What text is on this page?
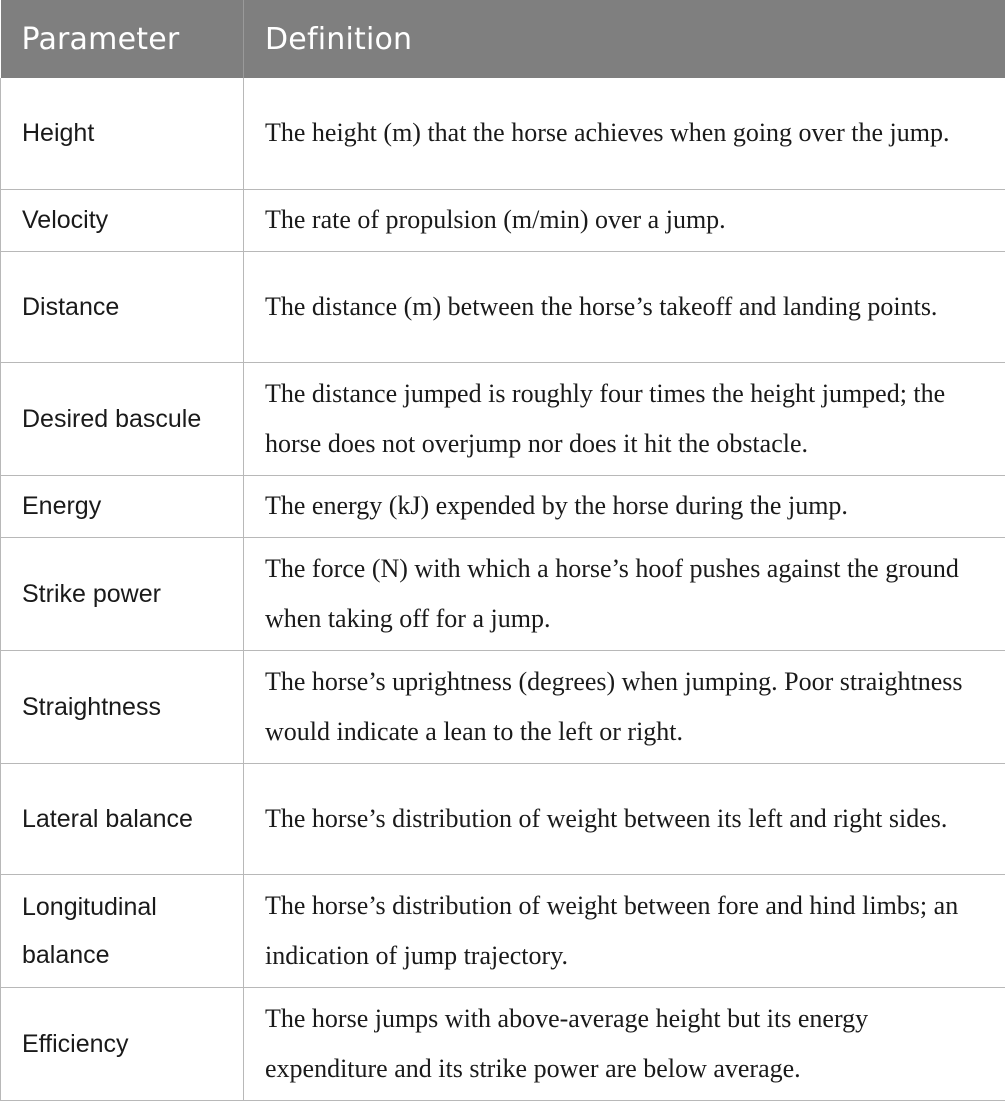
Parameter	Definition
Height	The height (m) that the horse achieves when going over the jump.
Velocity	The rate of propulsion (m/min) over a jump.
Distance	The distance (m) between the horse’s takeoff and landing points.
Desired bascule	The distance jumped is roughly four times the height jumped; the horse does not overjump nor does it hit the obstacle.
Energy	The energy (kJ) expended by the horse during the jump.
Strike power	The force (N) with which a horse’s hoof pushes against the ground when taking off for a jump.
Straightness	The horse’s uprightness (degrees) when jumping. Poor straightness would indicate a lean to the left or right.
Lateral balance	The horse’s distribution of weight between its left and right sides.
Longitudinal balance	The horse’s distribution of weight between fore and hind limbs; an indication of jump trajectory.
Efficiency	The horse jumps with above-average height but its energy expenditure and its strike power are below average.
